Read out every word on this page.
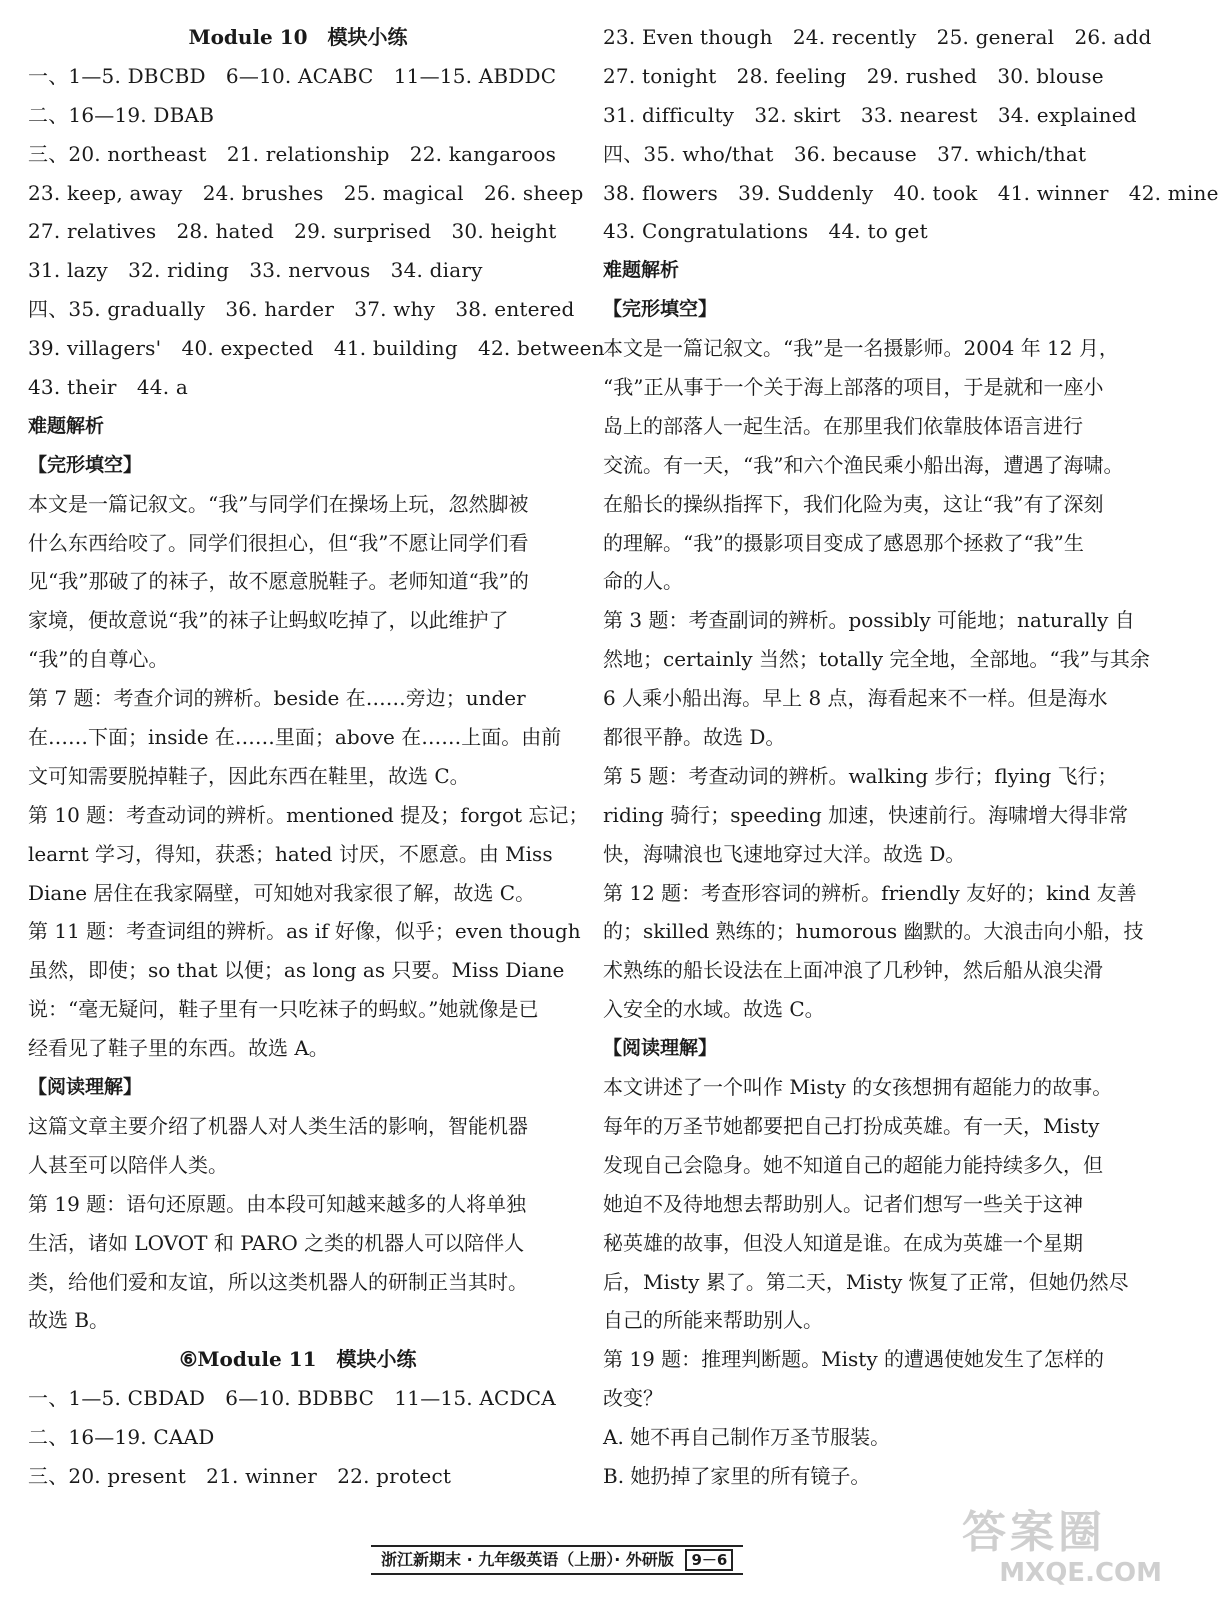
Module 10　模块小练
一、1—5. DBCBD　6—10. ACABC　11—15. ABDDC
二、16—19. DBAB
三、20. northeast　21. relationship　22. kangaroos
23. keep, away　24. brushes　25. magical　26. sheep
27. relatives　28. hated　29. surprised　30. height
31. lazy　32. riding　33. nervous　34. diary
四、35. gradually　36. harder　37. why　38. entered
39. villagers'　40. expected　41. building　42. between
43. their　44. a
难题解析
【完形填空】
本文是一篇记叙文。“我”与同学们在操场上玩，忽然脚被
什么东西给咬了。同学们很担心，但“我”不愿让同学们看
见“我”那破了的袜子，故不愿意脱鞋子。老师知道“我”的
家境，便故意说“我”的袜子让蚂蚁吃掉了，以此维护了
“我”的自尊心。
第 7 题：考查介词的辨析。beside 在……旁边；under
在……下面；inside 在……里面；above 在……上面。由前
文可知需要脱掉鞋子，因此东西在鞋里，故选 C。
第 10 题：考查动词的辨析。mentioned 提及；forgot 忘记；
learnt 学习，得知，获悉；hated 讨厌，不愿意。由 Miss
Diane 居住在我家隔壁，可知她对我家很了解，故选 C。
第 11 题：考查词组的辨析。as if 好像，似乎；even though
虽然，即使；so that 以便；as long as 只要。Miss Diane
说：“毫无疑问，鞋子里有一只吃袜子的蚂蚁。”她就像是已
经看见了鞋子里的东西。故选 A。
【阅读理解】
这篇文章主要介绍了机器人对人类生活的影响，智能机器
人甚至可以陪伴人类。
第 19 题：语句还原题。由本段可知越来越多的人将单独
生活，诸如 LOVOT 和 PARO 之类的机器人可以陪伴人
类，给他们爱和友谊，所以这类机器人的研制正当其时。
故选 B。
⑥Module 11　模块小练
一、1—5. CBDAD　6—10. BDBBC　11—15. ACDCA
二、16—19. CAAD
三、20. present　21. winner　22. protect
23. Even though　24. recently　25. general　26. add
27. tonight　28. feeling　29. rushed　30. blouse
31. difficulty　32. skirt　33. nearest　34. explained
四、35. who/that　36. because　37. which/that
38. flowers　39. Suddenly　40. took　41. winner　42. mine
43. Congratulations　44. to get
难题解析
【完形填空】
本文是一篇记叙文。“我”是一名摄影师。2004 年 12 月，
“我”正从事于一个关于海上部落的项目，于是就和一座小
岛上的部落人一起生活。在那里我们依靠肢体语言进行
交流。有一天，“我”和六个渔民乘小船出海，遭遇了海啸。
在船长的操纵指挥下，我们化险为夷，这让“我”有了深刻
的理解。“我”的摄影项目变成了感恩那个拯救了“我”生
命的人。
第 3 题：考查副词的辨析。possibly 可能地；naturally 自
然地；certainly 当然；totally 完全地，全部地。“我”与其余
6 人乘小船出海。早上 8 点，海看起来不一样。但是海水
都很平静。故选 D。
第 5 题：考查动词的辨析。walking 步行；flying 飞行；
riding 骑行；speeding 加速，快速前行。海啸增大得非常
快，海啸浪也飞速地穿过大洋。故选 D。
第 12 题：考查形容词的辨析。friendly 友好的；kind 友善
的；skilled 熟练的；humorous 幽默的。大浪击向小船，技
术熟练的船长设法在上面冲浪了几秒钟，然后船从浪尖滑
入安全的水域。故选 C。
【阅读理解】
本文讲述了一个叫作 Misty 的女孩想拥有超能力的故事。
每年的万圣节她都要把自己打扮成英雄。有一天，Misty
发现自己会隐身。她不知道自己的超能力能持续多久，但
她迫不及待地想去帮助别人。记者们想写一些关于这神
秘英雄的故事，但没人知道是谁。在成为英雄一个星期
后，Misty 累了。第二天，Misty 恢复了正常，但她仍然尽
自己的所能来帮助别人。
第 19 题：推理判断题。Misty 的遭遇使她发生了怎样的
改变？
A. 她不再自己制作万圣节服装。
B. 她扔掉了家里的所有镜子。
浙江新期末 · 九年级英语（上册）· 外研版 9－6
答案圈
MXQE.COM
